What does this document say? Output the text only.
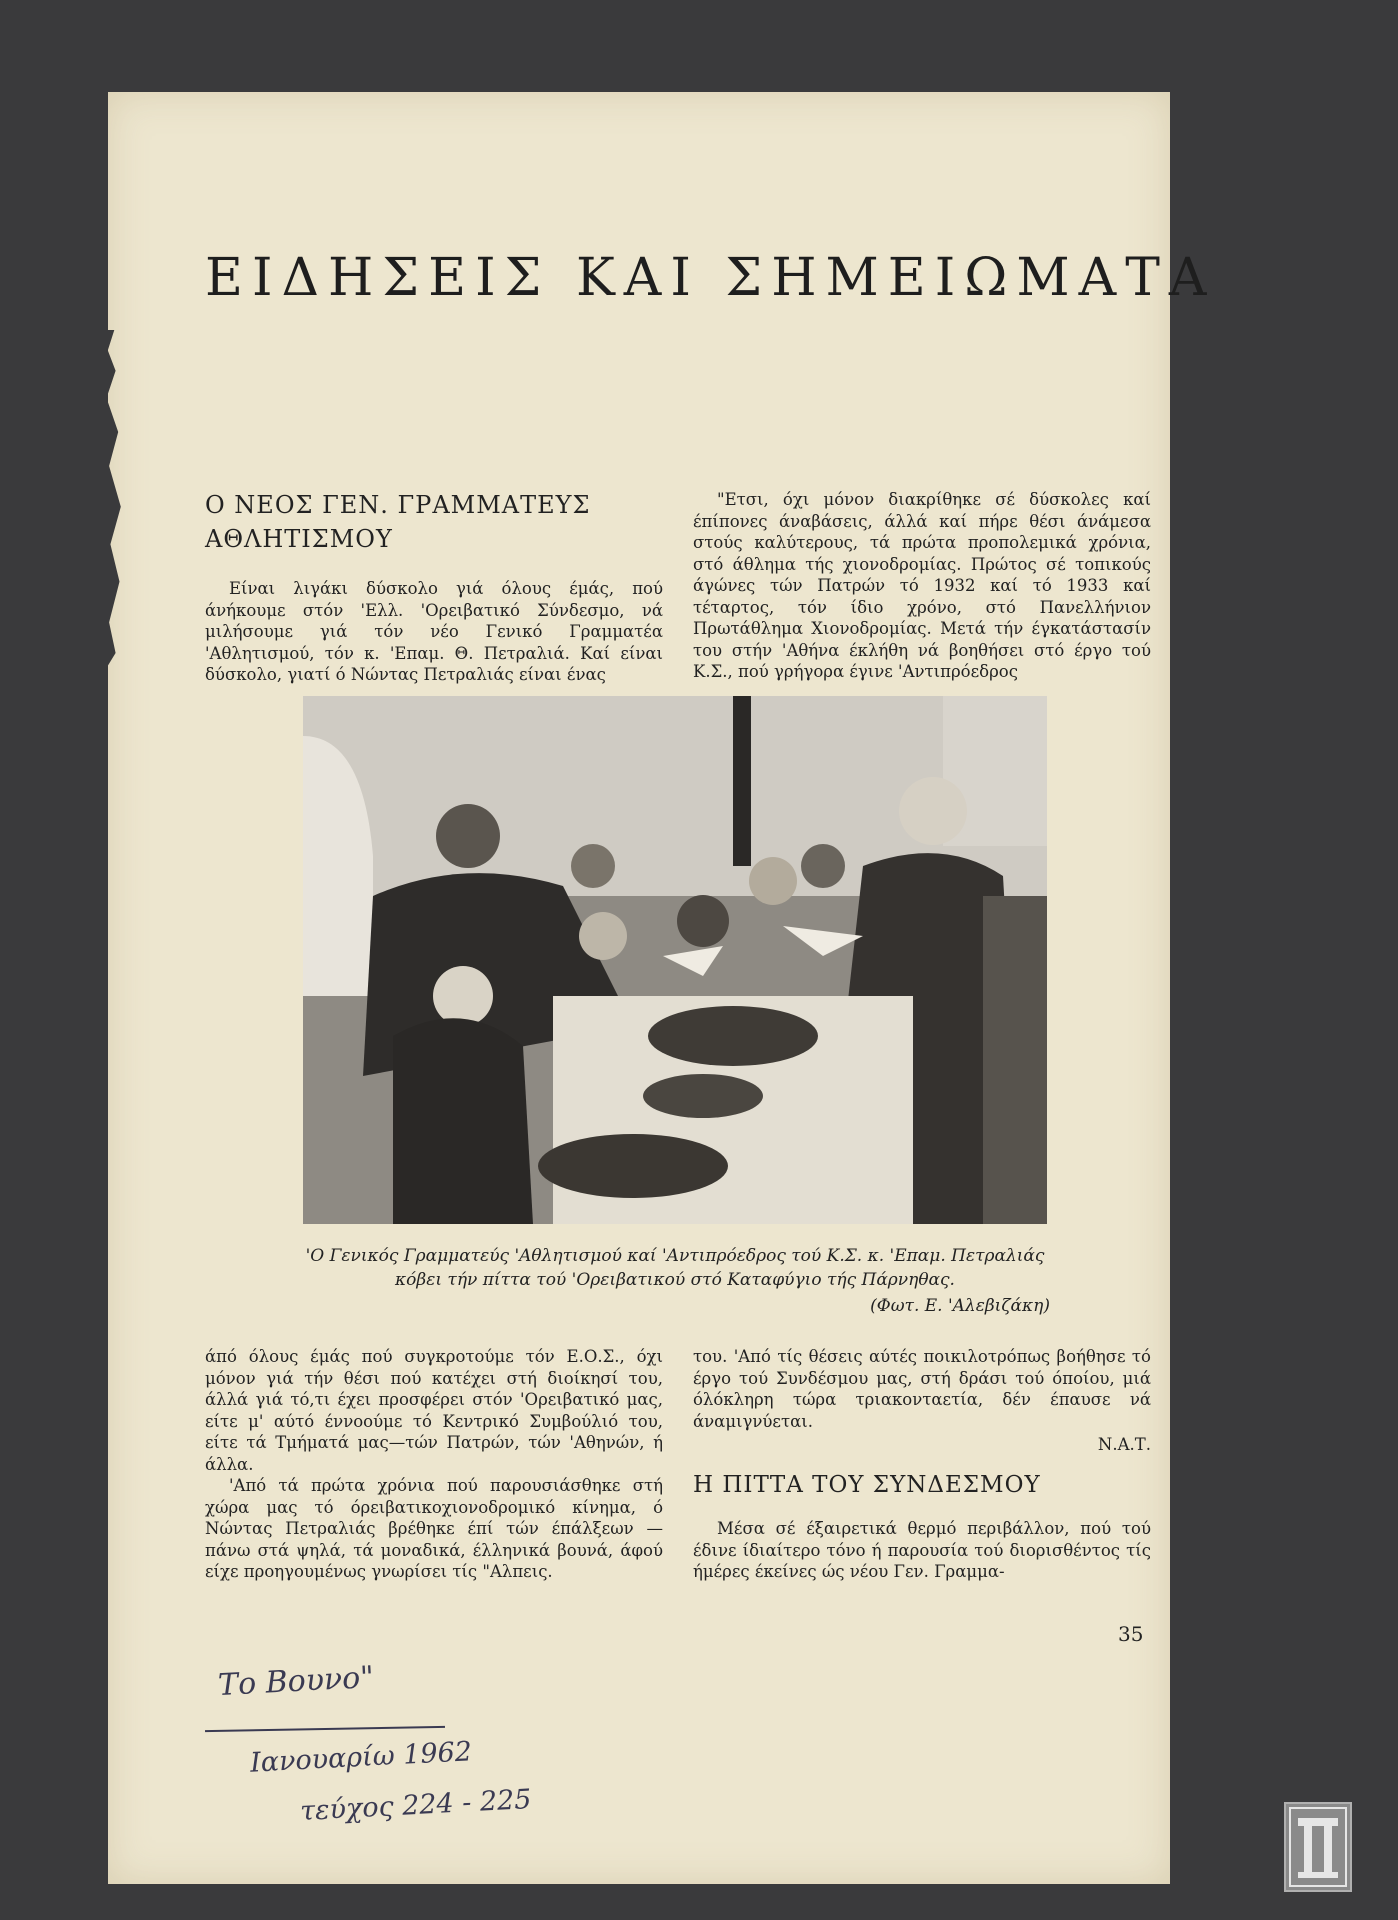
ΕΙΔΗΣΕΙΣ ΚΑΙ ΣΗΜΕΙΩΜΑΤΑ
Ο ΝΕΟΣ ΓΕΝ. ΓΡΑΜΜΑΤΕΥΣ
ΑΘΛΗΤΙΣΜΟΥ

Είναι λιγάκι δύσκολο γιά όλους έμάς, πού άνήκουμε στόν 'Ελλ. 'Ορειβατικό Σύνδεσμο, νά μιλήσουμε γιά τόν νέο Γενικό Γραμματέα 'Αθλητισμού, τόν κ. 'Επαμ. Θ. Πετραλιά. Καί είναι δύσκολο, γιατί ό Νώντας Πετραλιάς είναι ένας

"Ετσι, όχι μόνον διακρίθηκε σέ δύσκολες καί έπίπονες άναβάσεις, άλλά καί πήρε θέσι άνάμεσα στούς καλύτερους, τά πρώτα προπολεμικά χρόνια, στό άθλημα τής χιονοδρομίας. Πρώτος σέ τοπικούς άγώνες τών Πατρών τό 1932 καί τό 1933 καί τέταρτος, τόν ίδιο χρόνο, στό Πανελλήνιον Πρωτάθλημα Χιονοδρομίας. Μετά τήν έγκατάστασίν του στήν 'Αθήνα έκλήθη νά βοηθήσει στό έργο τού Κ.Σ., πού γρήγορα έγινε 'Αντιπρόεδρος

'Ο Γενικός Γραμματεύς 'Αθλητισμού καί 'Αντιπρόεδρος τού Κ.Σ. κ. 'Επαμ. Πετραλιάς κόβει τήν πίττα τού 'Ορειβατικού στό Καταφύγιο τής Πάρνηθας.
(Φωτ. Ε. 'Αλεβιζάκη)

άπό όλους έμάς πού συγκροτούμε τόν Ε.Ο.Σ., όχι μόνον γιά τήν θέσι πού κατέχει στή διοίκησί του, άλλά γιά τό,τι έχει προσφέρει στόν 'Ορειβατικό μας, είτε μ' αύτό έννοούμε τό Κεντρικό Συμβούλιό του, είτε τά Τμήματά μας—τών Πατρών, τών 'Αθηνών, ή άλλα.

'Από τά πρώτα χρόνια πού παρουσιάσθηκε στή χώρα μας τό όρειβατικοχιονοδρομικό κίνημα, ό Νώντας Πετραλιάς βρέθηκε έπί τών έπάλξεων —πάνω στά ψηλά, τά μοναδικά, έλληνικά βουνά, άφού είχε προηγουμένως γνωρίσει τίς "Αλπεις.

του. 'Από τίς θέσεις αύτές ποικιλοτρόπως βοήθησε τό έργο τού Συνδέσμου μας, στή δράσι τού όποίου, μιά όλόκληρη τώρα τριακονταετία, δέν έπαυσε νά άναμιγνύεται.

Ν.Α.Τ.
Η ΠΙΤΤΑ ΤΟΥ ΣΥΝΔΕΣΜΟΥ

Μέσα σέ έξαιρετικά θερμό περιβάλλον, πού τού έδινε ίδιαίτερο τόνο ή παρουσία τού διορισθέντος τίς ήμέρες έκείνες ώς νέου Γεν. Γραμμα-

35
Το Βουνο"
Ιανουαρίω 1962
τεύχος 224 - 225
